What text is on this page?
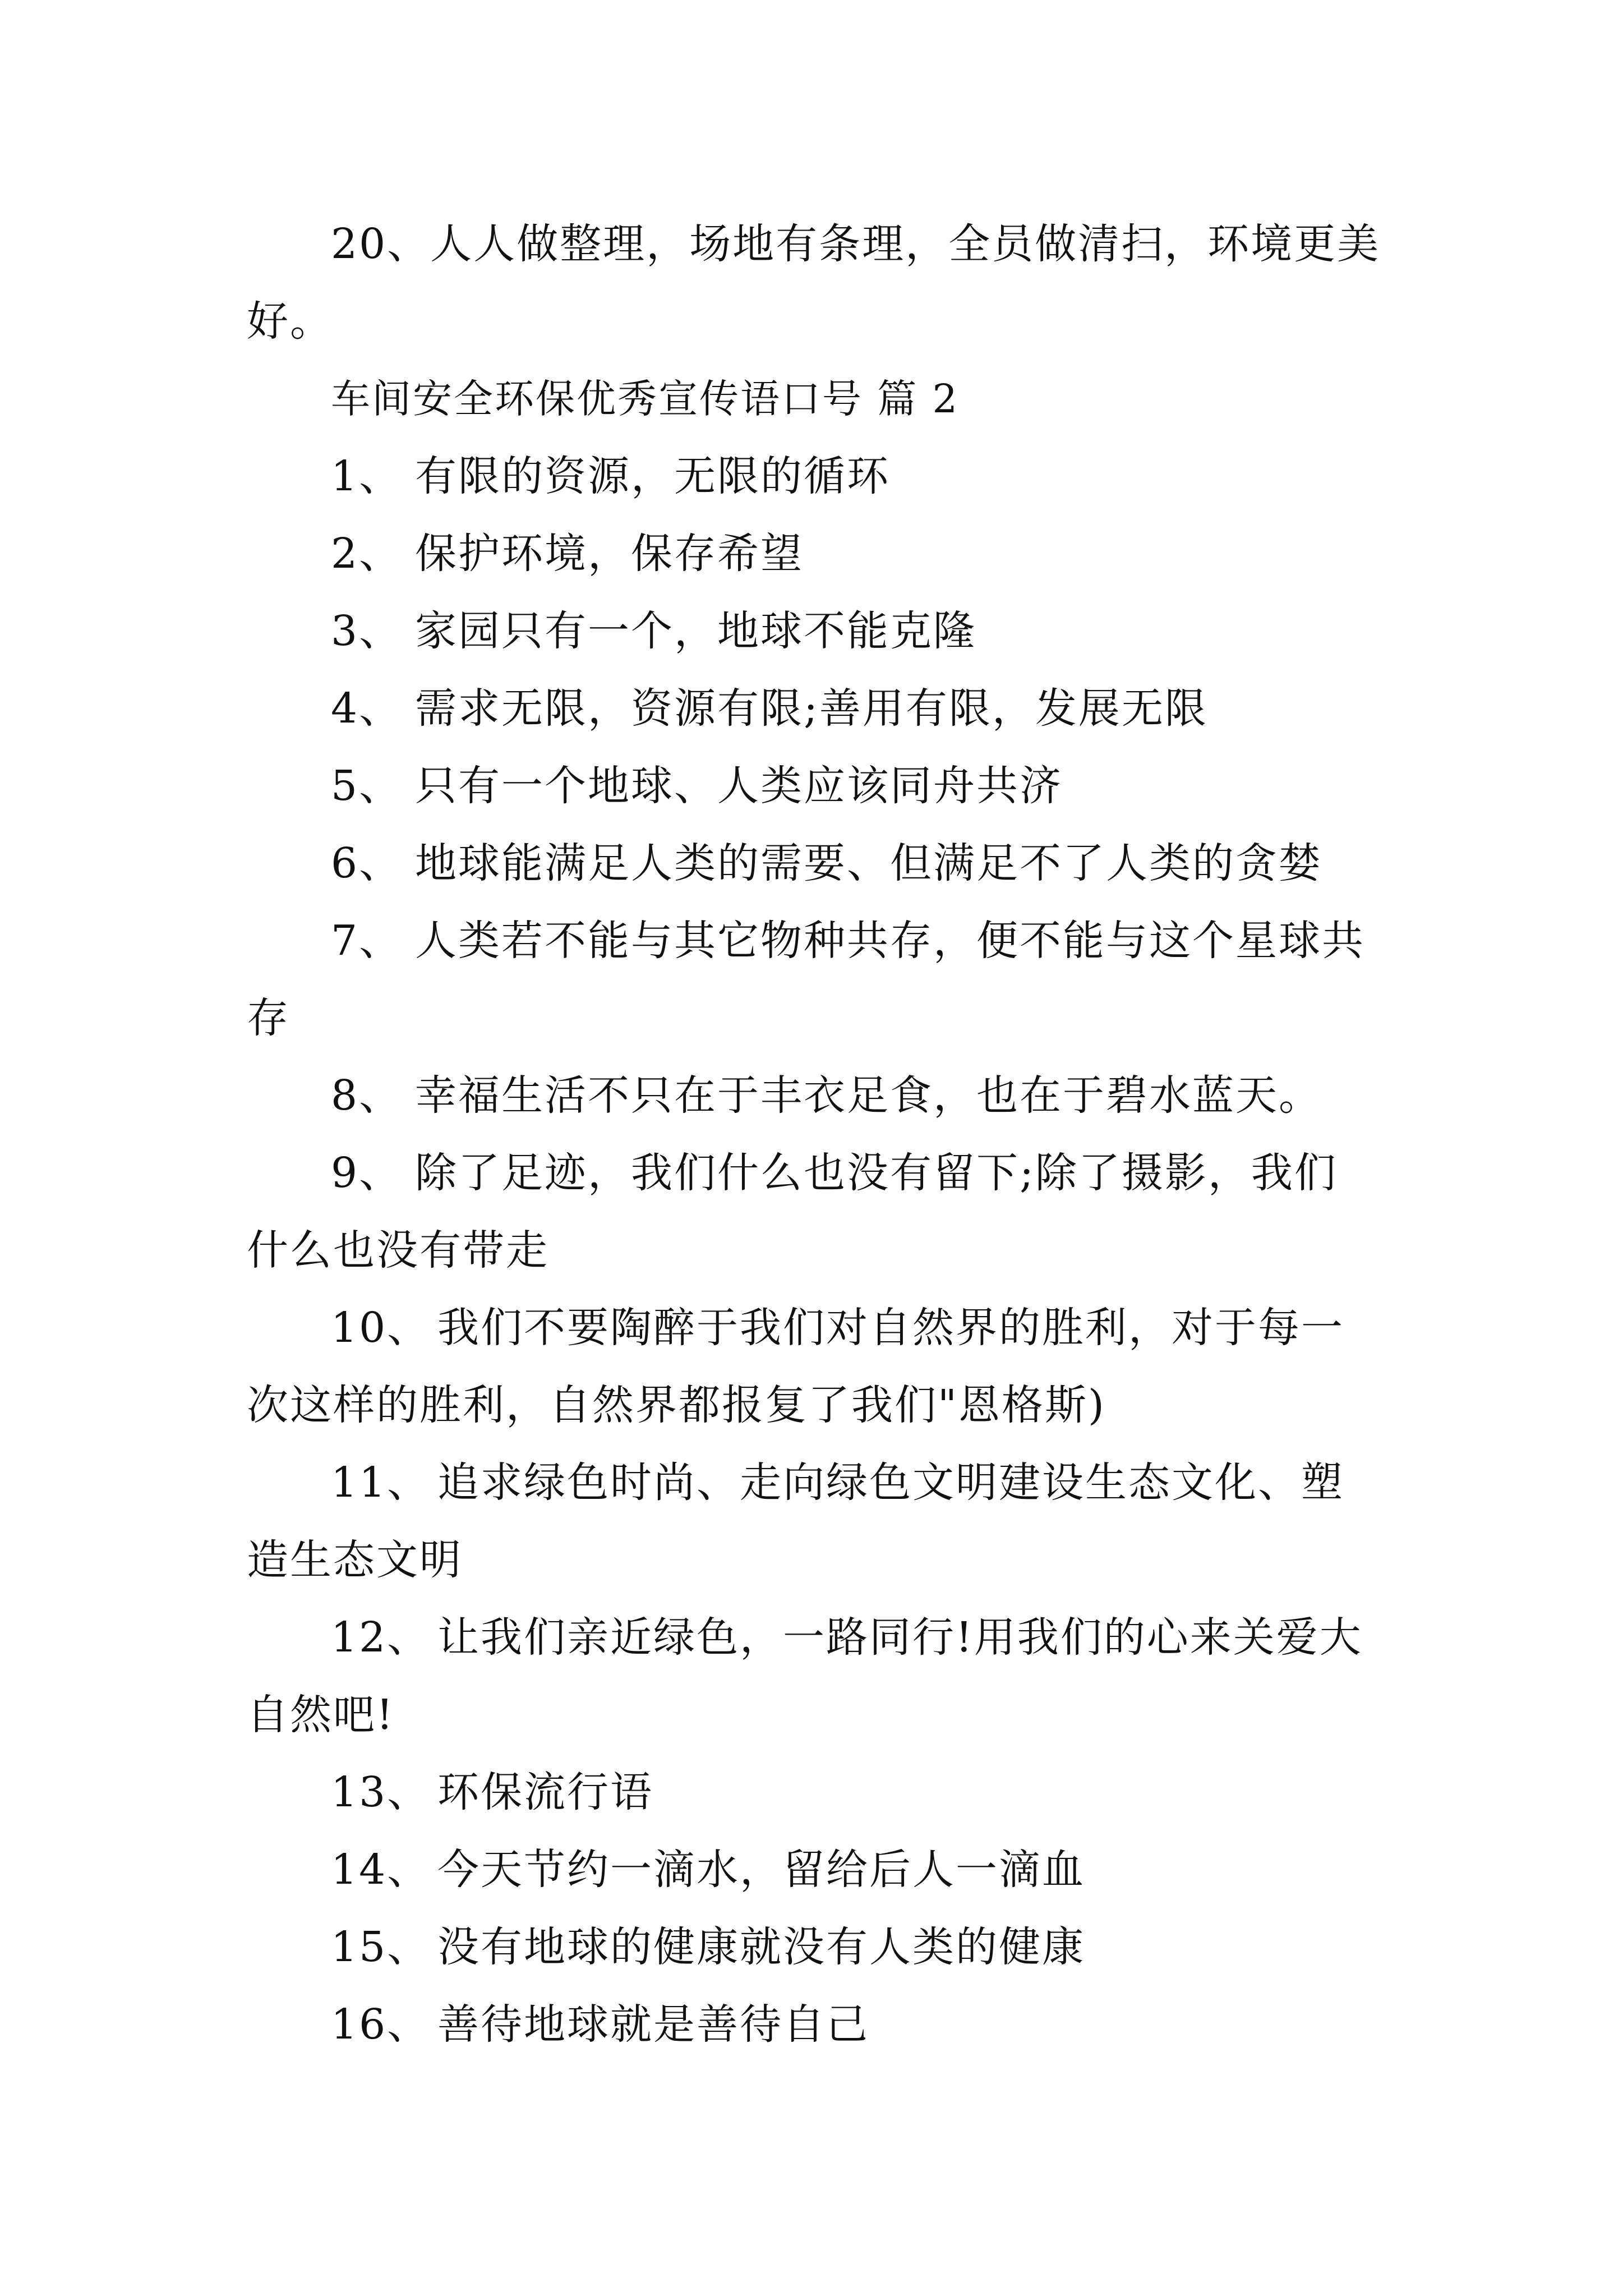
20、人人做整理，场地有条理，全员做清扫，环境更美
好。
车间安全环保优秀宣传语口号 篇 2
1、 有限的资源，无限的循环
2、 保护环境，保存希望
3、 家园只有一个，地球不能克隆
4、 需求无限，资源有限;善用有限，发展无限
5、 只有一个地球、人类应该同舟共济
6、 地球能满足人类的需要、但满足不了人类的贪婪
7、 人类若不能与其它物种共存，便不能与这个星球共
存
8、 幸福生活不只在于丰衣足食，也在于碧水蓝天。
9、 除了足迹，我们什么也没有留下;除了摄影，我们
什么也没有带走
10、 我们不要陶醉于我们对自然界的胜利，对于每一
次这样的胜利，自然界都报复了我们"恩格斯)
11、 追求绿色时尚、走向绿色文明建设生态文化、塑
造生态文明
12、 让我们亲近绿色，一路同行!用我们的心来关爱大
自然吧!
13、 环保流行语
14、 今天节约一滴水，留给后人一滴血
15、 没有地球的健康就没有人类的健康
16、 善待地球就是善待自己
